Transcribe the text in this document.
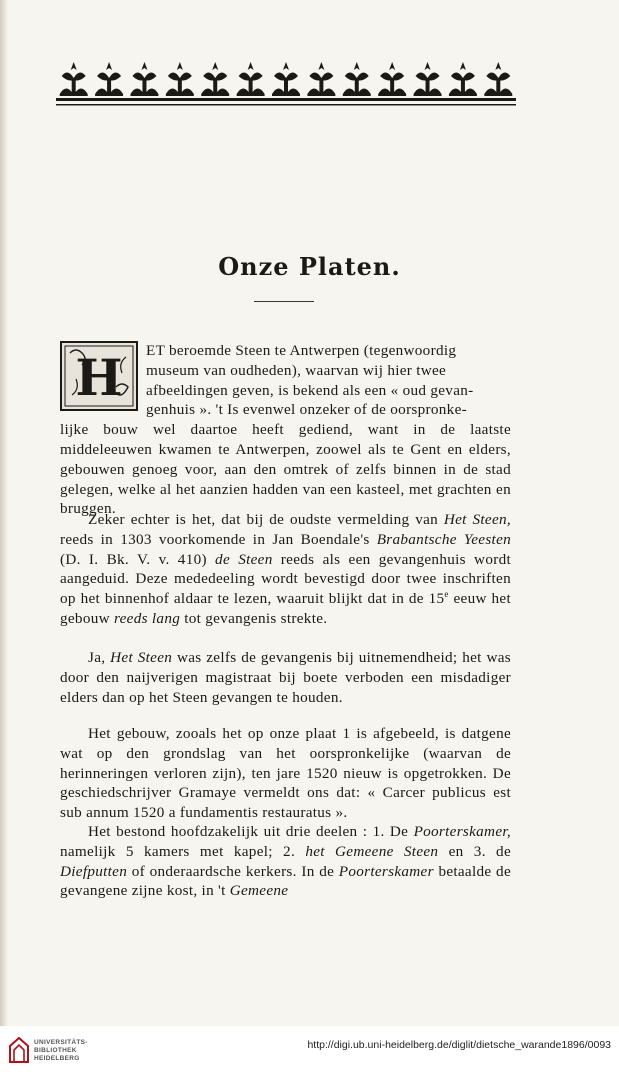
Onze Platen.
H ET beroemde Steen te Antwerpen (tegenwoordig
museum van oudheden), waarvan wij hier twee
afbeeldingen geven, is bekend als een « oud gevan-
genhuis ». 't Is evenwel onzeker of de oorspronke-
lijke bouw wel daartoe heeft gediend, want in de laatste middeleeuwen kwamen te Antwerpen, zoowel als te Gent en elders, gebouwen genoeg voor, aan den omtrek of zelfs binnen in de stad gelegen, welke al het aanzien hadden van een kasteel, met grachten en bruggen.
Zeker echter is het, dat bij de oudste vermelding van Het Steen, reeds in 1303 voorkomende in Jan Boendale's Brabantsche Yeesten (D. I. Bk. V. v. 410) de Steen reeds als een gevangenhuis wordt aangeduid. Deze mededeeling wordt bevestigd door twee inschriften op het binnenhof aldaar te lezen, waaruit blijkt dat in de 15e eeuw het gebouw reeds lang tot gevangenis strekte.
Ja, Het Steen was zelfs de gevangenis bij uitnemendheid; het was door den naijverigen magistraat bij boete verboden een misdadiger elders dan op het Steen gevangen te houden.
Het gebouw, zooals het op onze plaat 1 is afgebeeld, is datgene wat op den grondslag van het oorspronkelijke (waarvan de herinneringen verloren zijn), ten jare 1520 nieuw is opgetrokken. De geschiedschrijver Gramaye vermeldt ons dat: « Carcer publicus est sub annum 1520 a fundamentis restauratus ».
Het bestond hoofdzakelijk uit drie deelen : 1. De Poorterskamer, namelijk 5 kamers met kapel; 2. het Gemeene Steen en 3. de Diefputten of onderaardsche kerkers. In de Poorterskamer betaalde de gevangene zijne kost, in 't Gemeene
UNIVERSITÄTS-
BIBLIOTHEK
HEIDELBERG
http://digi.ub.uni-heidelberg.de/diglit/dietsche_warande1896/0093
